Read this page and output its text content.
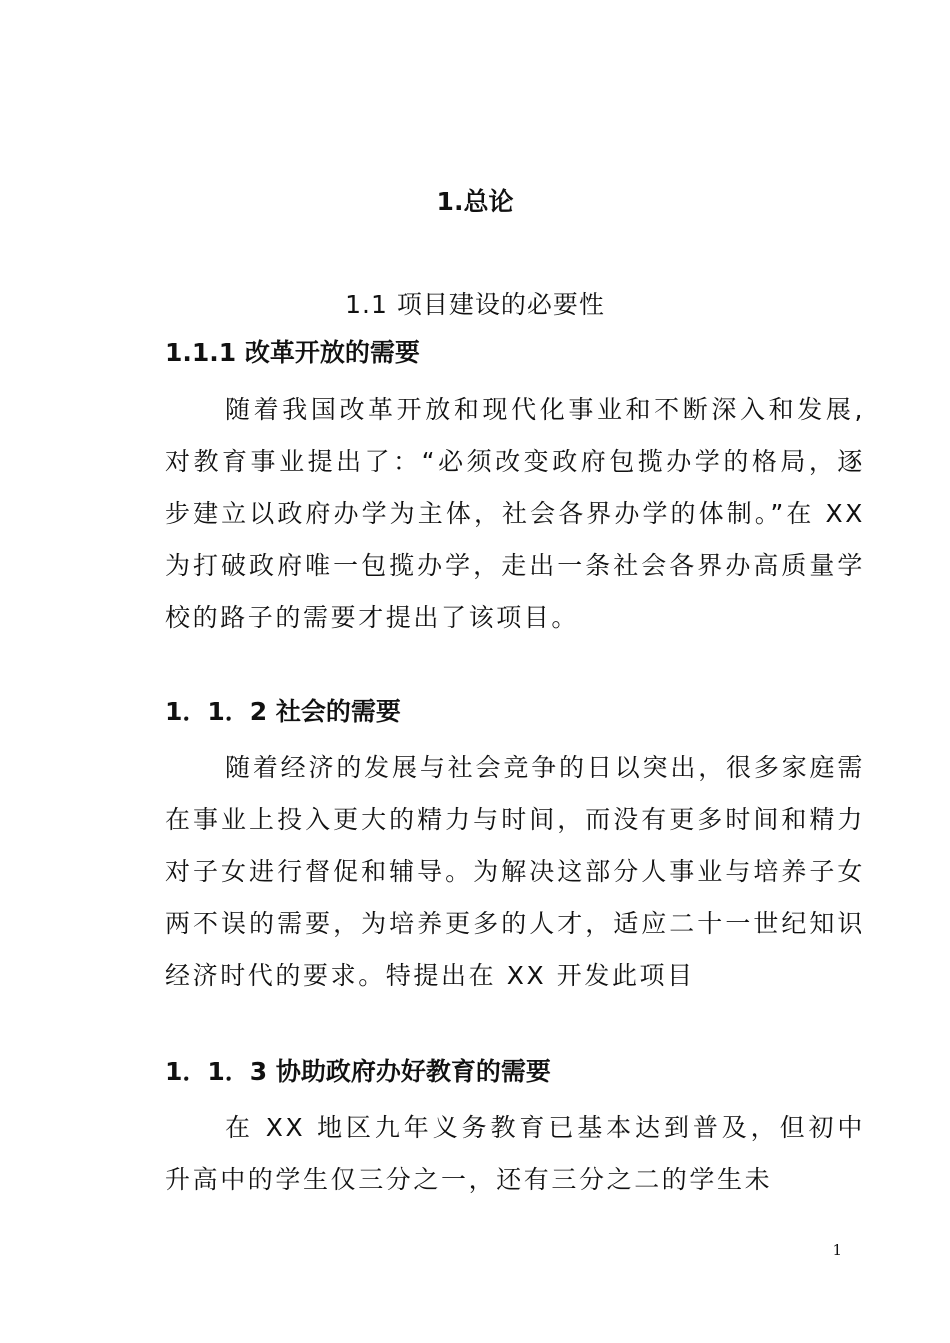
1.总论
1.1 项目建设的必要性
1.1.1 改革开放的需要

随着我国改革开放和现代化事业和不断深入和发展,对教育事业提出了：“必须改变政府包揽办学的格局，逐步建立以政府办学为主体，社会各界办学的体制。”在 XX 为打破政府唯一包揽办学，走出一条社会各界办高质量学校的路子的需要才提出了该项目。

1．1．2 社会的需要

随着经济的发展与社会竞争的日以突出，很多家庭需在事业上投入更大的精力与时间，而没有更多时间和精力对子女进行督促和辅导。为解决这部分人事业与培养子女两不误的需要，为培养更多的人才，适应二十一世纪知识经济时代的要求。特提出在 XX 开发此项目

1．1．3 协助政府办好教育的需要

在 XX 地区九年义务教育已基本达到普及，但初中升高中的学生仅三分之一，还有三分之二的学生未

1
